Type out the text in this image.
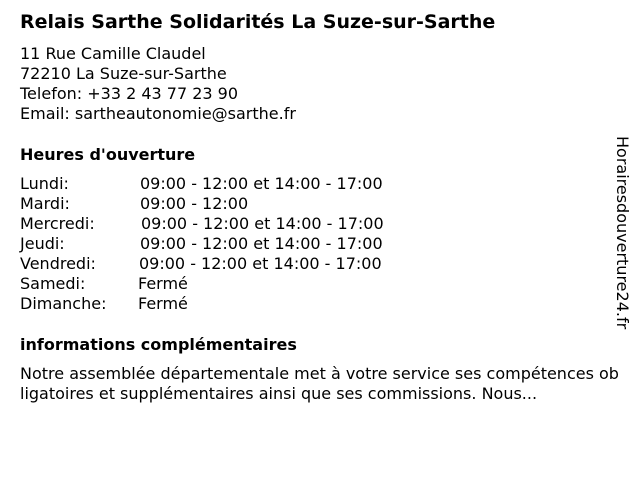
Relais Sarthe Solidarités La Suze-sur-Sarthe
11 Rue Camille Claudel
72210 La Suze-sur-Sarthe
Telefon: +33 2 43 77 23 90
Email: sartheautonomie@sarthe.fr
Heures d'ouverture
Lundi:	09:00 - 12:00 et 14:00 - 17:00
Mardi:	09:00 - 12:00
Mercredi:	09:00 - 12:00 et 14:00 - 17:00
Jeudi:	09:00 - 12:00 et 14:00 - 17:00
Vendredi:	09:00 - 12:00 et 14:00 - 17:00
Samedi:	Fermé
Dimanche: Fermé
informations complémentaires
Notre assemblée départementale met à votre service ses compétences obligatoires et supplémentaires ainsi que ses commissions. Nous...
Horairesdouverture24.fr
